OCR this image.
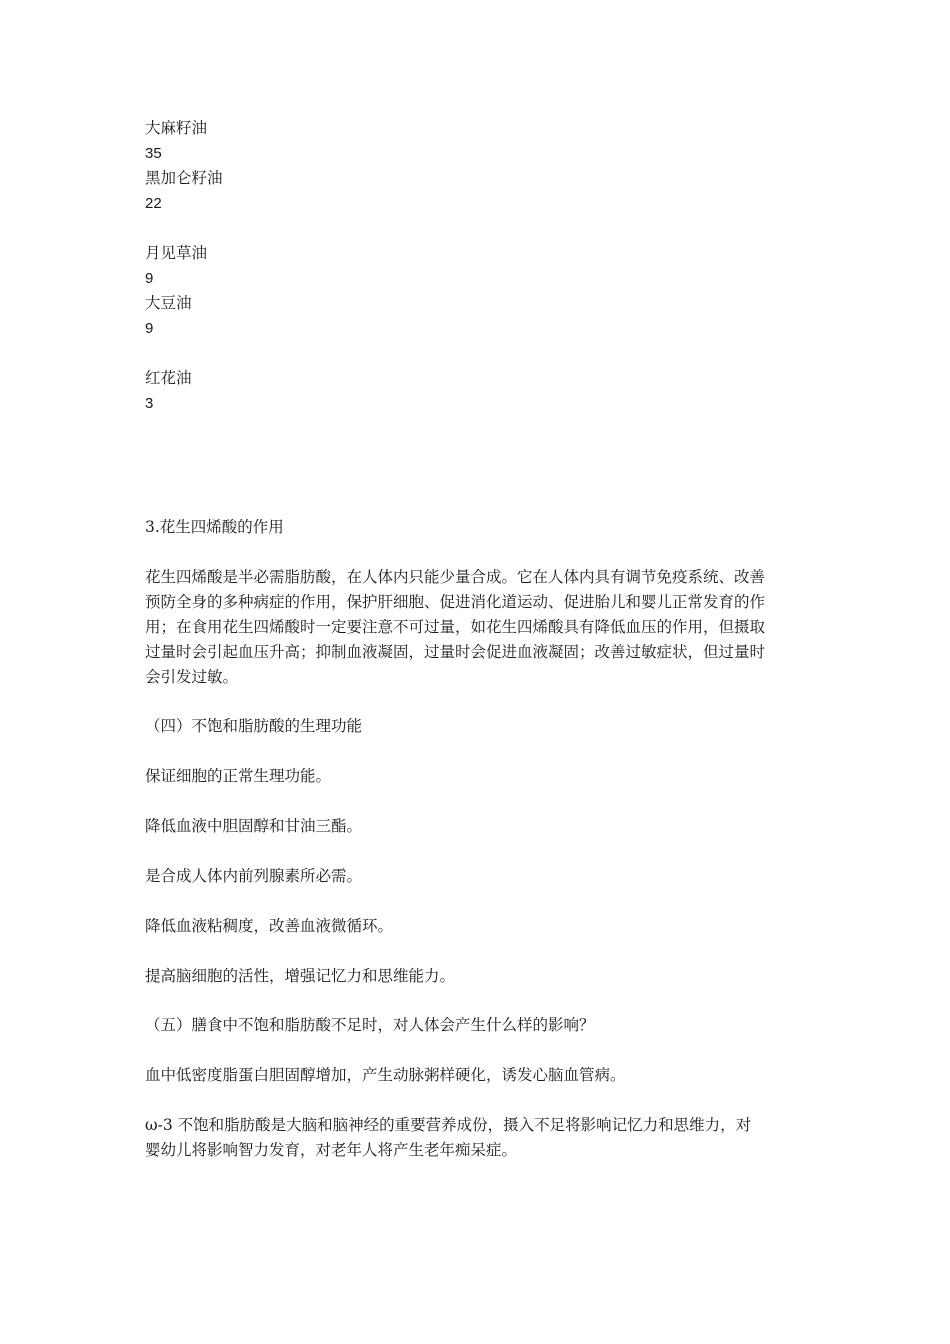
大麻籽油
35
黑加仑籽油
22
月见草油
9
大豆油
9
红花油
3
3.花生四烯酸的作用
花生四烯酸是半必需脂肪酸，在人体内只能少量合成。它在人体内具有调节免疫系统、改善
预防全身的多种病症的作用，保护肝细胞、促进消化道运动、促进胎儿和婴儿正常发育的作
用；在食用花生四烯酸时一定要注意不可过量，如花生四烯酸具有降低血压的作用，但摄取
过量时会引起血压升高；抑制血液凝固，过量时会促进血液凝固；改善过敏症状，但过量时
会引发过敏。
（四）不饱和脂肪酸的生理功能
保证细胞的正常生理功能。
降低血液中胆固醇和甘油三酯。
是合成人体内前列腺素所必需。
降低血液粘稠度，改善血液微循环。
提高脑细胞的活性，增强记忆力和思维能力。
（五）膳食中不饱和脂肪酸不足时，对人体会产生什么样的影响？
血中低密度脂蛋白胆固醇增加，产生动脉粥样硬化，诱发心脑血管病。
ω-3 不饱和脂肪酸是大脑和脑神经的重要营养成份，摄入不足将影响记忆力和思维力，对
婴幼儿将影响智力发育，对老年人将产生老年痴呆症。
